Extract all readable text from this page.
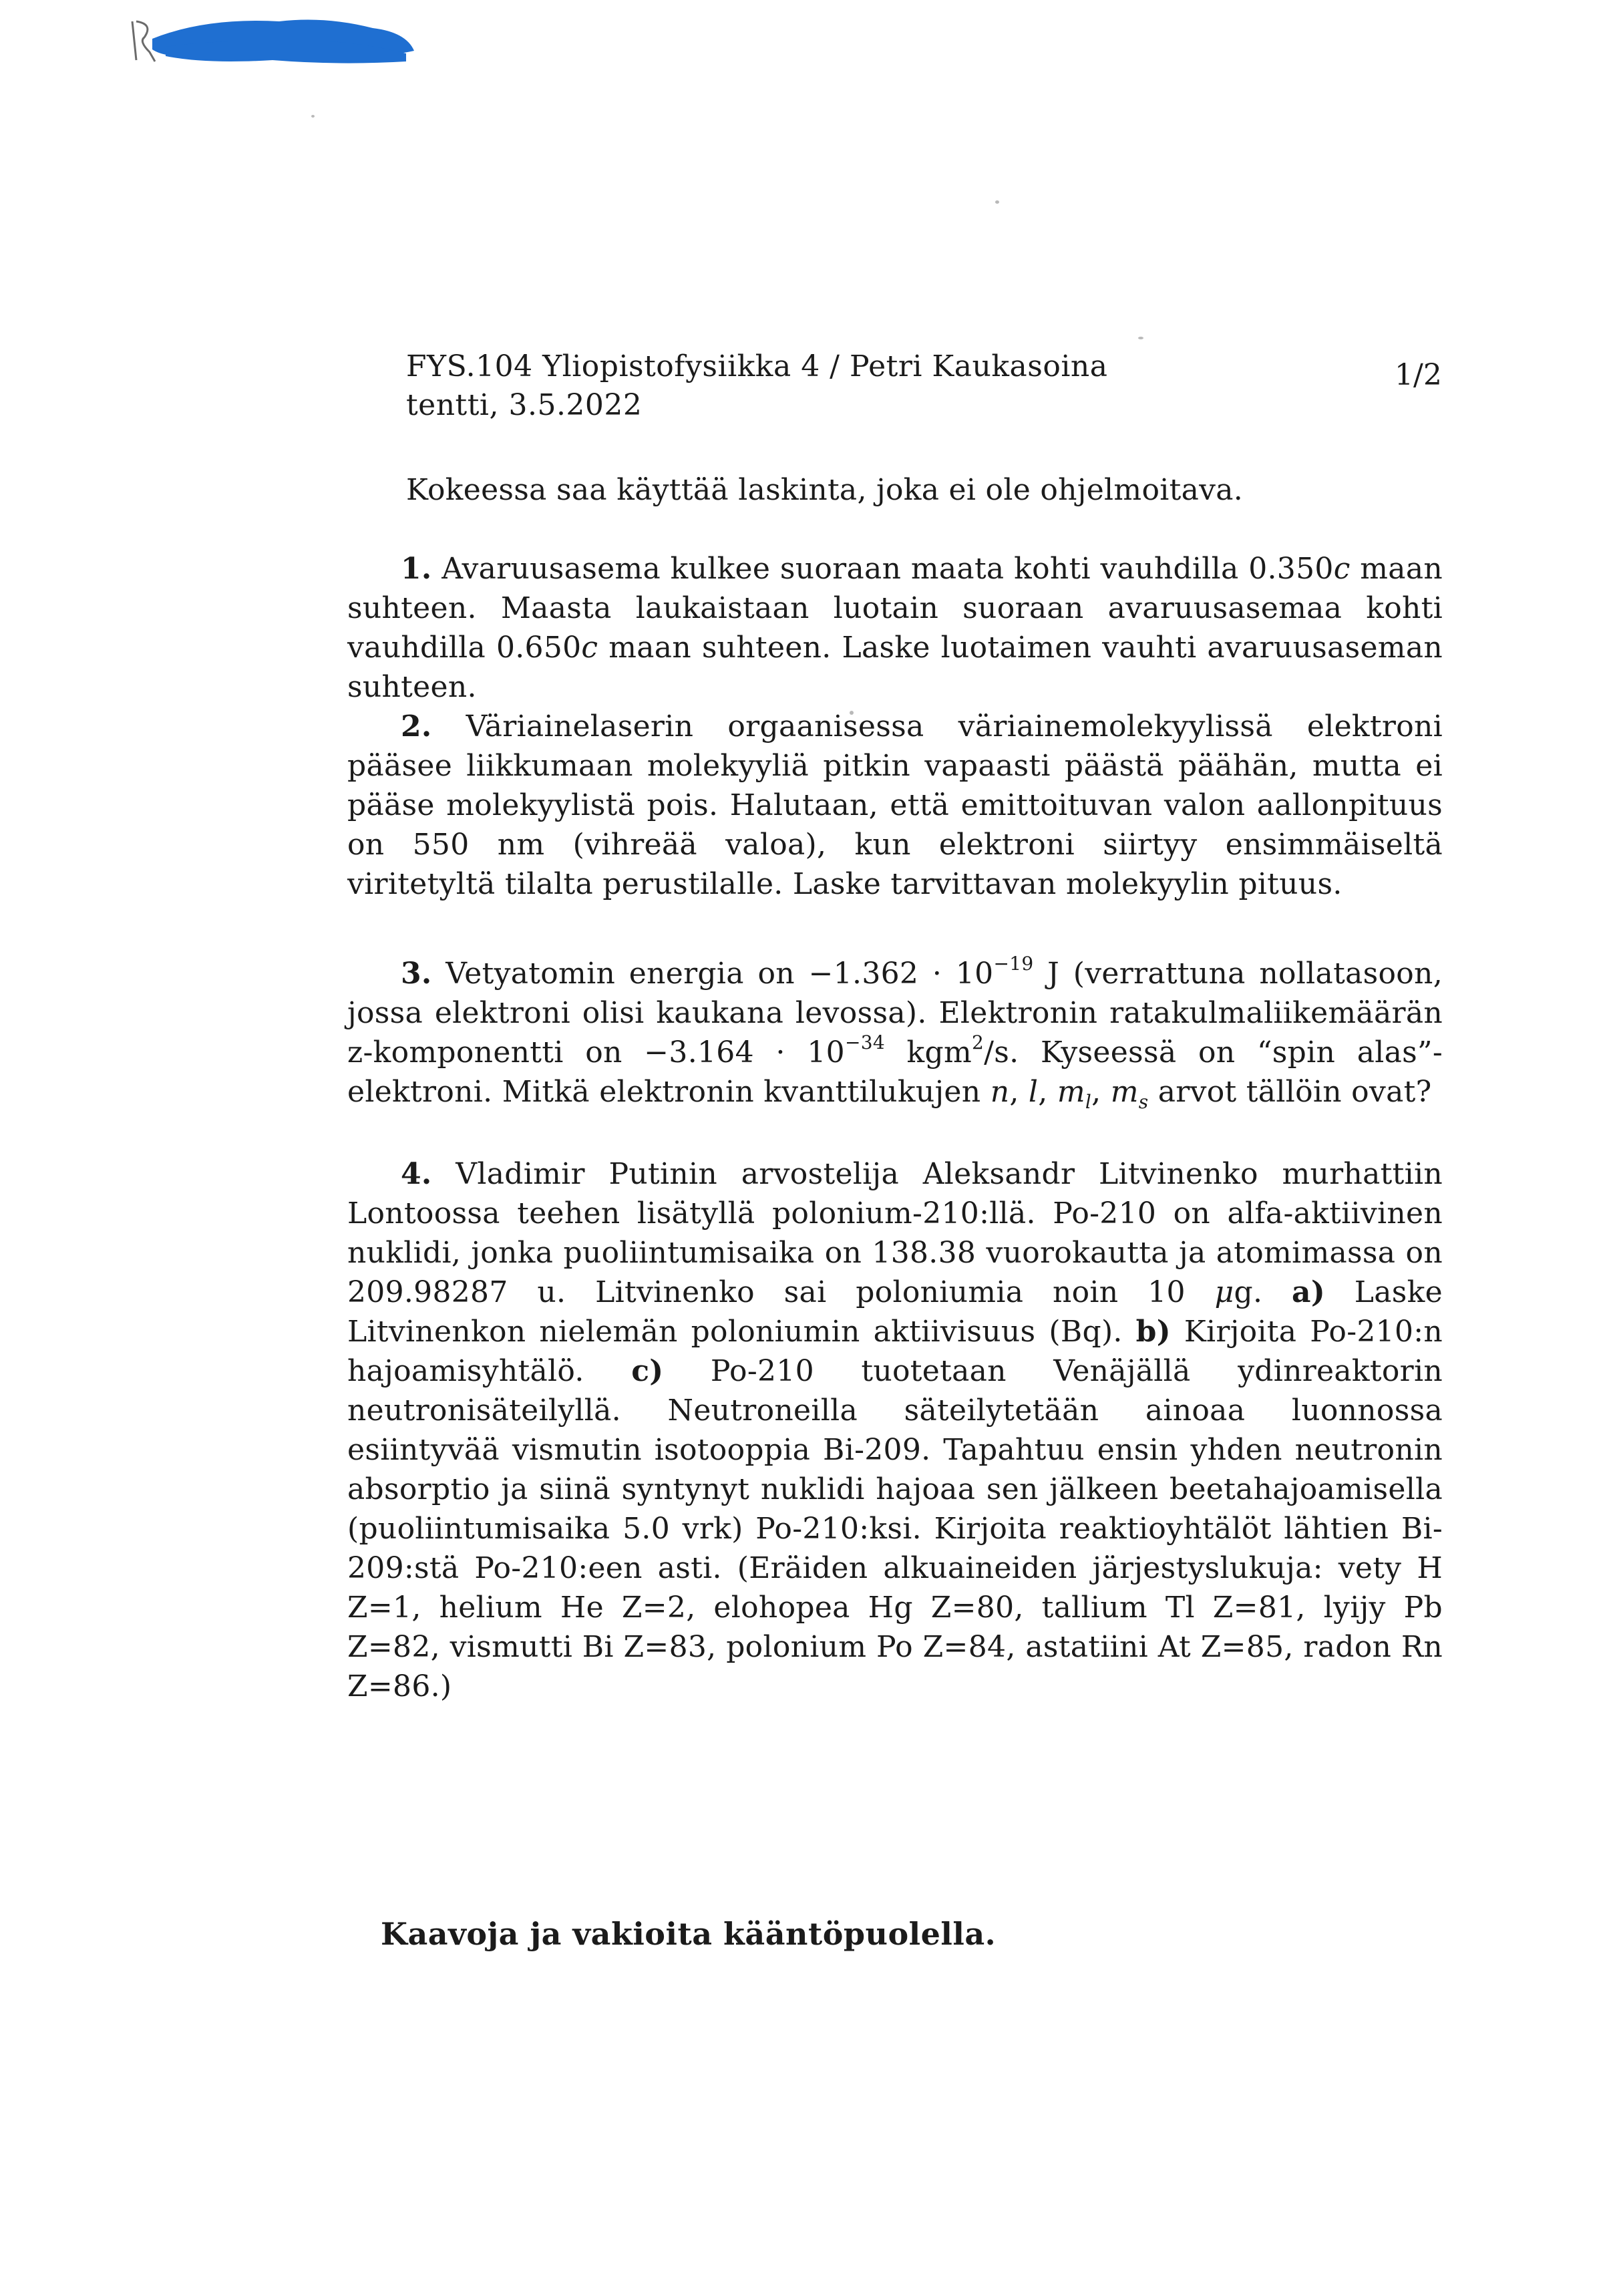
FYS.104 Yliopistofysiikka 4 / Petri Kaukasoina
tentti, 3.5.2022
1/2
Kokeessa saa käyttää laskinta, joka ei ole ohjelmoitava.
1. Avaruusasema kulkee suoraan maata kohti vauhdilla 0.350c maan suhteen. Maasta laukaistaan luotain suoraan avaruusasemaa kohti vauhdilla 0.650c maan suhteen. Laske luotaimen vauhti avaruusaseman suhteen.
2. Väriainelaserin orgaanisessa väriainemolekyylissä elektroni pääsee liikkumaan molekyyliä pitkin vapaasti päästä päähän, mutta ei pääse molekyylistä pois. Halutaan, että emittoituvan valon aallonpituus on 550 nm (vihreää valoa), kun elektroni siirtyy ensimmäiseltä viritetyltä tilalta perustilalle. Laske tarvittavan molekyylin pituus.
3. Vetyatomin energia on $-1.362 \cdot 10^{-19}$ J (verrattuna nollatasoon, jossa elektroni olisi kaukana levossa). Elektronin ratakulmaliikemäärän z-komponentti on $-3.164 \cdot 10^{-34}$ kgm$^2$/s. Kyseessä on “spin alas”-elektroni. Mitkä elektronin kvanttilukujen n, l, $m_l$, $m_s$ arvot tällöin ovat?
4. Vladimir Putinin arvostelija Aleksandr Litvinenko murhattiin Lontoossa teehen lisätyllä polonium-210:llä. Po-210 on alfa-aktiivinen nuklidi, jonka puoliintumisaika on 138.38 vuorokautta ja atomimassa on 209.98287 u. Litvinenko sai poloniumia noin 10 μg. a) Laske Litvinenkon nielemän poloniumin aktiivisuus (Bq). b) Kirjoita Po-210:n hajoamisyhtälö. c) Po-210 tuotetaan Venäjällä ydinreaktorin neutronisäteilyllä. Neutroneilla säteilytetään ainoaa luonnossa esiintyvää vismutin isotooppia Bi-209. Tapahtuu ensin yhden neutronin absorptio ja siinä syntynyt nuklidi hajoaa sen jälkeen beetahajoamisella (puoliintumisaika 5.0 vrk) Po-210:ksi. Kirjoita reaktioyhtälöt lähtien Bi-209:stä Po-210:een asti. (Eräiden alkuaineiden järjestyslukuja: vety H Z=1, helium He Z=2, elohopea Hg Z=80, tallium Tl Z=81, lyijy Pb Z=82, vismutti Bi Z=83, polonium Po Z=84, astatiini At Z=85, radon Rn Z=86.)
Kaavoja ja vakioita kääntöpuolella.
